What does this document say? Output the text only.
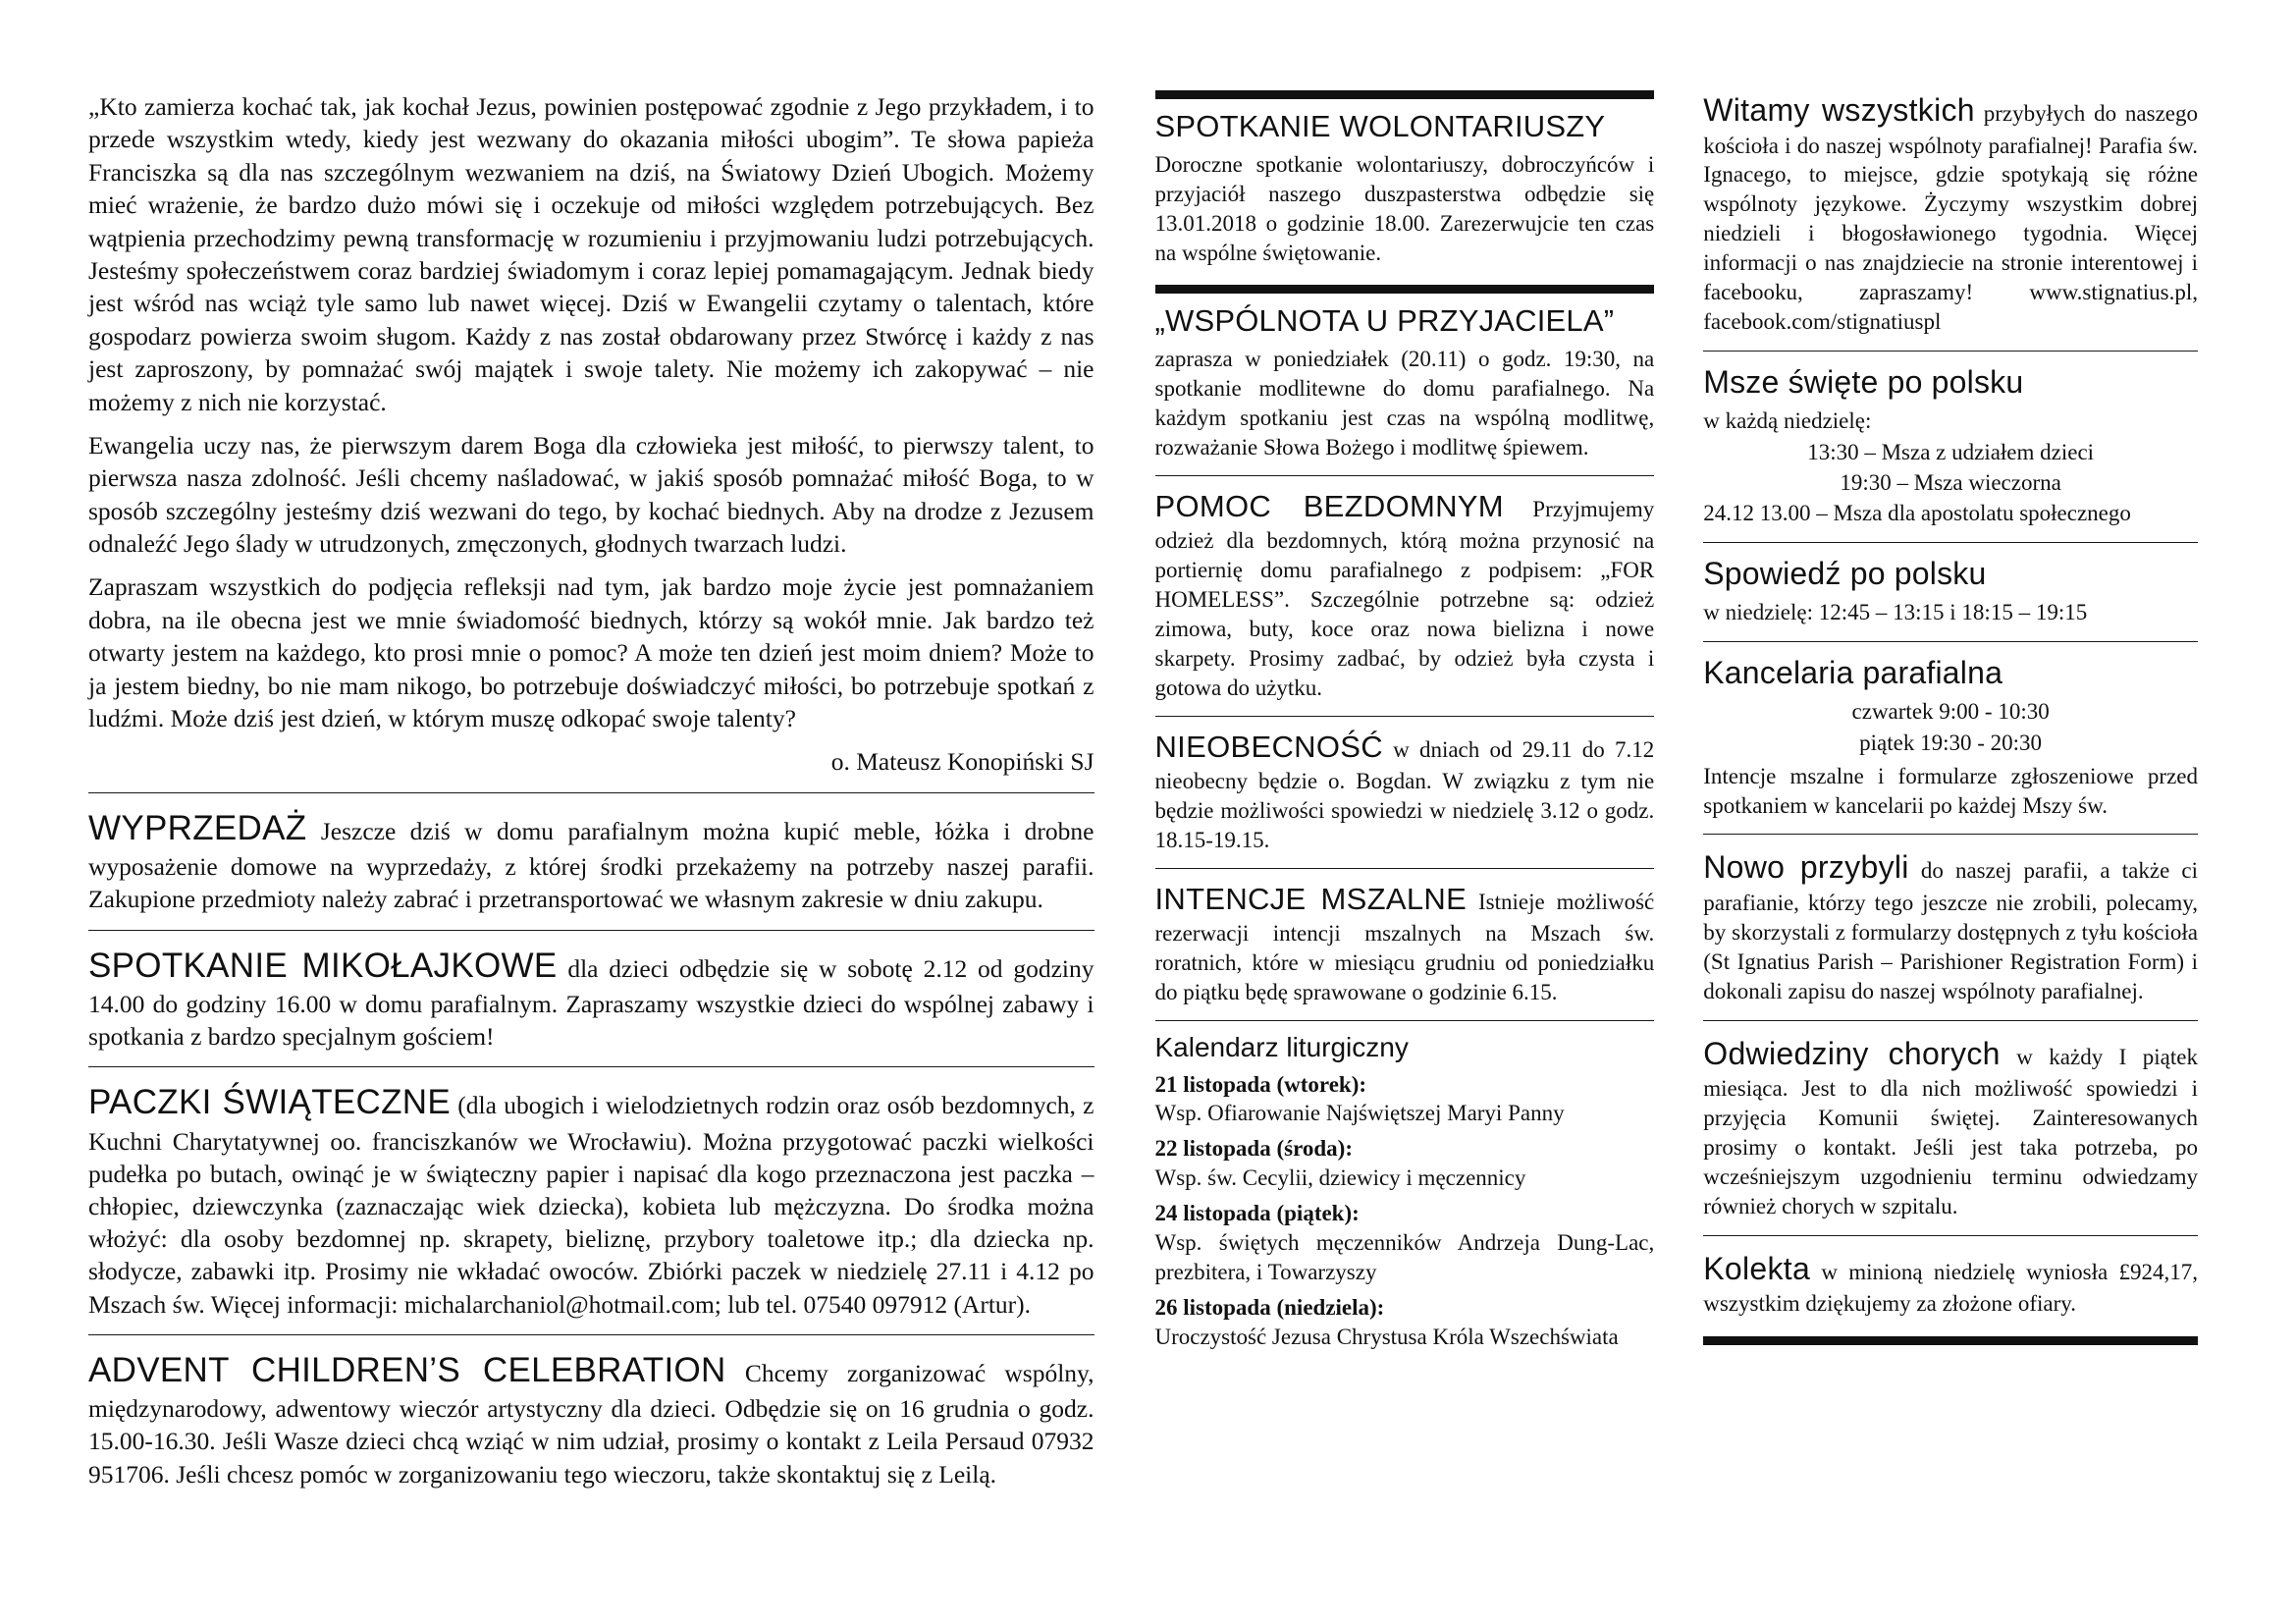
„Kto zamierza kochać tak, jak kochał Jezus, powinien postępować zgodnie z Jego przykładem, i to przede wszystkim wtedy, kiedy jest wezwany do okazania miłości ubogim”. Te słowa papieża Franciszka są dla nas szczególnym wezwaniem na dziś, na Światowy Dzień Ubogich. Możemy mieć wrażenie, że bardzo dużo mówi się i oczekuje od miłości względem potrzebujących. Bez wątpienia przechodzimy pewną transformację w rozumieniu i przyjmowaniu ludzi potrzebujących. Jesteśmy społeczeństwem coraz bardziej świadomym i coraz lepiej pomamagającym. Jednak biedy jest wśród nas wciąż tyle samo lub nawet więcej. Dziś w Ewangelii czytamy o talentach, które gospodarz powierza swoim sługom. Każdy z nas został obdarowany przez Stwórcę i każdy z nas jest zaproszony, by pomnażać swój majątek i swoje talety. Nie możemy ich zakopywać – nie możemy z nich nie korzystać.

Ewangelia uczy nas, że pierwszym darem Boga dla człowieka jest miłość, to pierwszy talent, to pierwsza nasza zdolność. Jeśli chcemy naśladować, w jakiś sposób pomnażać miłość Boga, to w sposób szczególny jesteśmy dziś wezwani do tego, by kochać biednych. Aby na drodze z Jezusem odnaleźć Jego ślady w utrudzonych, zmęczonych, głodnych twarzach ludzi.

Zapraszam wszystkich do podjęcia refleksji nad tym, jak bardzo moje życie jest pomnażaniem dobra, na ile obecna jest we mnie świadomość biednych, którzy są wokół mnie. Jak bardzo też otwarty jestem na każdego, kto prosi mnie o pomoc? A może ten dzień jest moim dniem? Może to ja jestem biedny, bo nie mam nikogo, bo potrzebuje doświadczyć miłości, bo potrzebuje spotkań z ludźmi. Może dziś jest dzień, w którym muszę odkopać swoje talenty?

o. Mateusz Konopiński SJ

WYPRZEDAŻ Jeszcze dziś w domu parafialnym można kupić meble, łóżka i drobne wyposażenie domowe na wyprzedaży, z której środki przekażemy na potrzeby naszej parafii. Zakupione przedmioty należy zabrać i przetransportować we własnym zakresie w dniu zakupu.

SPOTKANIE MIKOŁAJKOWE dla dzieci odbędzie się w sobotę 2.12 od godziny 14.00 do godziny 16.00 w domu parafialnym. Zapraszamy wszystkie dzieci do wspólnej zabawy i spotkania z bardzo specjalnym gościem!

PACZKI ŚWIĄTECZNE (dla ubogich i wielodzietnych rodzin oraz osób bezdomnych, z Kuchni Charytatywnej oo. franciszkanów we Wrocławiu). Można przygotować paczki wielkości pudełka po butach, owinąć je w świąteczny papier i napisać dla kogo przeznaczona jest paczka – chłopiec, dziewczynka (zaznaczając wiek dziecka), kobieta lub mężczyzna. Do środka można włożyć: dla osoby bezdomnej np. skrapety, bieliznę, przybory toaletowe itp.; dla dziecka np. słodycze, zabawki itp. Prosimy nie wkładać owoców. Zbiórki paczek w niedzielę 27.11 i 4.12 po Mszach św. Więcej informacji: michalarchaniol@hotmail.com; lub tel. 07540 097912 (Artur).

ADVENT CHILDREN’S CELEBRATION Chcemy zorganizować wspólny, międzynarodowy, adwentowy wieczór artystyczny dla dzieci. Odbędzie się on 16 grudnia o godz. 15.00-16.30. Jeśli Wasze dzieci chcą wziąć w nim udział, prosimy o kontakt z Leila Persaud 07932 951706. Jeśli chcesz pomóc w zorganizowaniu tego wieczoru, także skontaktuj się z Leilą.

SPOTKANIE WOLONTARIUSZY

Doroczne spotkanie wolontariuszy, dobroczyńców i przyjaciół naszego duszpasterstwa odbędzie się 13.01.2018 o godzinie 18.00. Zarezerwujcie ten czas na wspólne świętowanie.

„WSPÓLNOTA U PRZYJACIELA”

zaprasza w poniedziałek (20.11) o godz. 19:30, na spotkanie modlitewne do domu parafialnego. Na każdym spotkaniu jest czas na wspólną modlitwę, rozważanie Słowa Bożego i modlitwę śpiewem.

POMOC BEZDOMNYM Przyjmujemy odzież dla bezdomnych, którą można przynosić na portiernię domu parafialnego z podpisem: „FOR HOMELESS”. Szczególnie potrzebne są: odzież zimowa, buty, koce oraz nowa bielizna i nowe skarpety. Prosimy zadbać, by odzież była czysta i gotowa do użytku.

NIEOBECNOŚĆ w dniach od 29.11 do 7.12 nieobecny będzie o. Bogdan. W związku z tym nie będzie możliwości spowiedzi w niedzielę 3.12 o godz. 18.15-19.15.

INTENCJE MSZALNE Istnieje możliwość rezerwacji intencji mszalnych na Mszach św. roratnich, które w miesiącu grudniu od poniedziałku do piątku będę sprawowane o godzinie 6.15.

Kalendarz liturgiczny

21 listopada (wtorek):

Wsp. Ofiarowanie Najświętszej Maryi Panny

22 listopada (środa):

Wsp. św. Cecylii, dziewicy i męczennicy

24 listopada (piątek):

Wsp. świętych męczenników Andrzeja Dung-Lac, prezbitera, i Towarzyszy

26 listopada (niedziela):

Uroczystość Jezusa Chrystusa Króla Wszechświata

Witamy wszystkich przybyłych do naszego kościoła i do naszej wspólnoty parafialnej! Parafia św. Ignacego, to miejsce, gdzie spotykają się różne wspólnoty językowe. Życzymy wszystkim dobrej niedzieli i błogosławionego tygodnia. Więcej informacji o nas znajdziecie na stronie interentowej i facebooku, zapraszamy! www.stignatius.pl, facebook.com/stignatiuspl

Msze święte po polsku

w każdą niedzielę:

13:30 – Msza z udziałem dzieci

19:30 – Msza wieczorna

24.12 13.00 – Msza dla apostolatu społecznego

Spowiedź po polsku

w niedzielę: 12:45 – 13:15 i 18:15 – 19:15

Kancelaria parafialna

czwartek 9:00 - 10:30

piątek 19:30 - 20:30

Intencje mszalne i formularze zgłoszeniowe przed spotkaniem w kancelarii po każdej Mszy św.

Nowo przybyli do naszej parafii, a także ci parafianie, którzy tego jeszcze nie zrobili, polecamy, by skorzystali z formularzy dostępnych z tyłu kościoła (St Ignatius Parish – Parishioner Registration Form) i dokonali zapisu do naszej wspólnoty parafialnej.

Odwiedziny chorych w każdy I piątek miesiąca. Jest to dla nich możliwość spowiedzi i przyjęcia Komunii świętej. Zainteresowanych prosimy o kontakt. Jeśli jest taka potrzeba, po wcześniejszym uzgodnieniu terminu odwiedzamy również chorych w szpitalu.

Kolekta w minioną niedzielę wyniosła £924,17, wszystkim dziękujemy za złożone ofiary.
